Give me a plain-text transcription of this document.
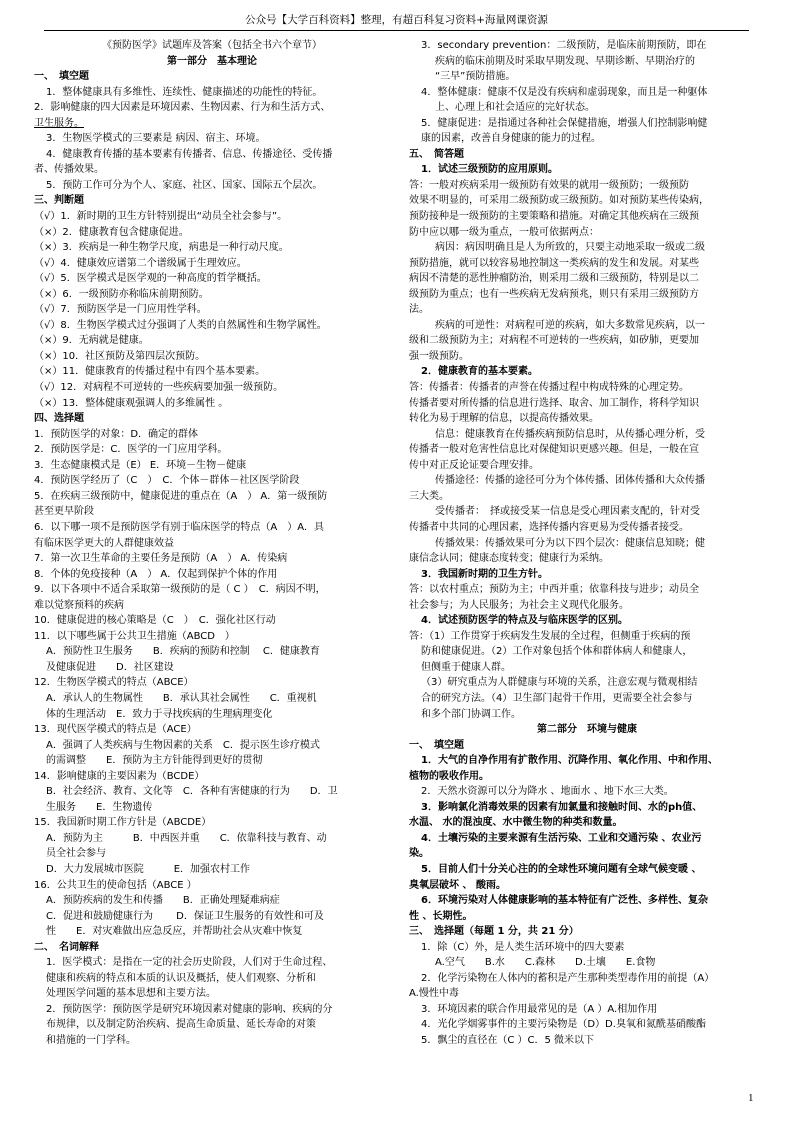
公众号【大学百科资料】整理，有超百科复习资料+海量网课资源
《预防医学》试题库及答案（包括全书六个章节）
第一部分　基本理论
一、　填空题
1．整体健康具有多维性、连续性、健康描述的功能性的特征。
2．影响健康的四大因素是环境因素、生物因素、行为和生活方式、
卫生服务。
3．生物医学模式的三要素是 病因、宿主、环境。
4．健康教育传播的基本要素有传播者、信息、传播途径、受传播
者、传播效果。
5．预防工作可分为个人、家庭、社区、国家、国际五个层次。
三、判断题
（√）1．新时期的卫生方针特别提出“动员全社会参与”。
（×）2．健康教育包含健康促进。
（×）3．疾病是一种生物学尺度，病患是一种行动尺度。
（√）4．健康效应谱第二个谱级属于生理效应。
（√）5．医学模式是医学观的一种高度的哲学概括。
（×）6．一级预防亦称临床前期预防。
（√）7．预防医学是一门应用性学科。
（√）8．生物医学模式过分强调了人类的自然属性和生物学属性。
（×）9．无病就是健康。
（×）10．社区预防及第四层次预防。
（×）11．健康教育的传播过程中有四个基本要素。
（√）12．对病程不可逆转的一些疾病要加强一级预防。
（×）13．整体健康观强调人的多维属性 。
四、选择题
1．预防医学的对象：D．确定的群体
2．预防医学是：C．医学的一门应用学科。
3．生态健康模式是（E） E．环境－生物－健康
4．预防医学经历了（C　）　C．个体－群体－社区医学阶段
5．在疾病三级预防中，健康促进的重点在（A　） A．第一级预防
甚至更早阶段
6．以下哪一项不是预防医学有别于临床医学的特点（A　）A．具
有临床医学更大的人群健康效益
7．第一次卫生革命的主要任务是预防（A　） A．传染病
8．个体的免疫接种（A　） A．仅起到保护个体的作用
9．以下各项中不适合采取第一级预防的是（ C ）　C．病因不明，
难以觉察预料的疾病
10．健康促进的核心策略是（C　）　C．强化社区行动
11．以下哪些属于公共卫生措施（ABCD　）
A．预防性卫生服务　　B．疾病的预防和控制　 C．健康教育
及健康促进　　D．社区建设
12．生物医学模式的特点（ABCE）
A．承认人的生物属性　　B．承认其社会属性　　C．重视机
体的生理活动　E．致力于寻找疾病的生理病理变化
13．现代医学模式的特点是（ACE）
A．强调了人类疾病与生物因素的关系　C．提示医生诊疗模式
的需调整　　E．预防为主方针能得到更好的贯彻
14．影响健康的主要因素为（BCDE）
B．社会经济、教育、文化等　C．各种有害健康的行为　　D．卫
生服务　　E．生物遗传
15．我国新时期工作方针是（ABCDE）
A．预防为主　　　B．中西医并重　　C．依靠科技与教育、动
员全社会参与
D．大力发展城市医院　　　E．加强农村工作
16．公共卫生的使命包括（ABCE ）
A．预防疾病的发生和传播　　B．正确处理疑难病症
C．促进和鼓励健康行为　　 D．保证卫生服务的有效性和可及
性　　E．对灾难做出应急反应，并帮助社会从灾难中恢复
二、　名词解释
1．医学模式：是指在一定的社会历史阶段，人们对于生命过程、
健康和疾病的特点和本质的认识及概括，使人们观察、分析和
处理医学问题的基本思想和主要方法。
2．预防医学：预防医学是研究环境因素对健康的影响、疾病的分
布规律，以及制定防治疾病、提高生命质量、延长寿命的对策
和措施的一门学科。
3．secondary prevention：二级预防，是临床前期预防，即在
疾病的临床前期及时采取早期发现、早期诊断、早期治疗的
“三早”预防措施。
4．整体健康：健康不仅是没有疾病和虚弱现象，而且是一种躯体
上、心理上和社会适应的完好状态。
5．健康促进：是指通过各种社会保健措施，增强人们控制影响健
康的因素，改善自身健康的能力的过程。
五、　简答题
1．试述三级预防的应用原则。
答：一般对疾病采用一级预防有效果的就用一级预防；一级预防
效果不明显的，可采用二级预防或三级预防。如对预防某些传染病，
预防接种是一级预防的主要策略和措施。对确定其他疾病在三级预
防中应以哪一级为重点，一般可依据两点：
病因：病因明确且是人为所致的，只要主动地采取一级或二级
预防措施，就可以较容易地控制这一类疾病的发生和发展。对某些
病因不清楚的恶性肿瘤防治，则采用二级和三级预防，特别是以二
级预防为重点；也有一些疾病无发病预兆，则只有采用三级预防方
法。
疾病的可逆性：对病程可逆的疾病，如大多数常见疾病，以一
级和二级预防为主；对病程不可逆转的一些疾病，如矽肺，更要加
强一级预防。
2．健康教育的基本要素。
答：传播者：传播者的声誉在传播过程中构成特殊的心理定势。
传播者要对所传播的信息进行选择、取舍、加工制作，将科学知识
转化为易于理解的信息，以提高传播效果。
信息：健康教育在传播疾病预防信息时，从传播心理分析，受
传播者一般对危害性信息比对保健知识更感兴趣。但是，一般在宣
传中对正反论证要合理安排。
传播途径：传播的途径可分为个体传播、团体传播和大众传播
三大类。
受传播者：　择或接受某一信息是受心理因素支配的，针对受
传播者中共同的心理因素，选择传播内容更易为受传播者接受。
传播效果：传播效果可分为以下四个层次：健康信息知晓；健
康信念认同；健康态度转变；健康行为采纳。
3．我国新时期的卫生方针。
答：以农村重点；预防为主；中西并重；依靠科技与进步；动员全
社会参与；为人民服务；为社会主义现代化服务。
4．试述预防医学的特点及与临床医学的区别。
答：（1）工作贯穿于疾病发生发展的全过程，但侧重于疾病的预
防和健康促进。（2）工作对象包括个体和群体病人和健康人，
但侧重于健康人群。
（3）研究重点为人群健康与环境的关系，注意宏观与微观相结
合的研究方法。（4）卫生部门起骨干作用，更需要全社会参与
和多个部门协调工作。
第二部分　环境与健康
一、　填空题
1．大气的自净作用有扩散作用、沉降作用、氧化作用、中和作用、
植物的吸收作用。
2．天然水资源可以分为降水 、地面水 、地下水三大类。
3．影响氯化消毒效果的因素有加氯量和接触时间、水的ph值、
水温、 水的混浊度、水中微生物的种类和数量。
4．土壤污染的主要来源有生活污染、工业和交通污染 、农业污
染。
5．目前人们十分关心注的的全球性环境问题有全球气候变暖 、
臭氧层破坏 、 酸雨。
6．环境污染对人体健康影响的基本特征有广泛性、多样性、复杂
性 、长期性。
三、　选择题（每题 1 分，共 21 分）
1．除（C）外，是人类生活环境中的四大要素
A.空气　　B.水　　C.森林　　D.土壤　　E.食物
2．化学污染物在人体内的蓄积是产生那种类型毒作用的前提（A）
A.慢性中毒
3．环境因素的联合作用最常见的是（A ）A.相加作用
4．光化学烟雾事件的主要污染物是（D）D.臭氧和氮酰基硝酸酯
5．飘尘的直径在（C ）C．5 微米以下
1
